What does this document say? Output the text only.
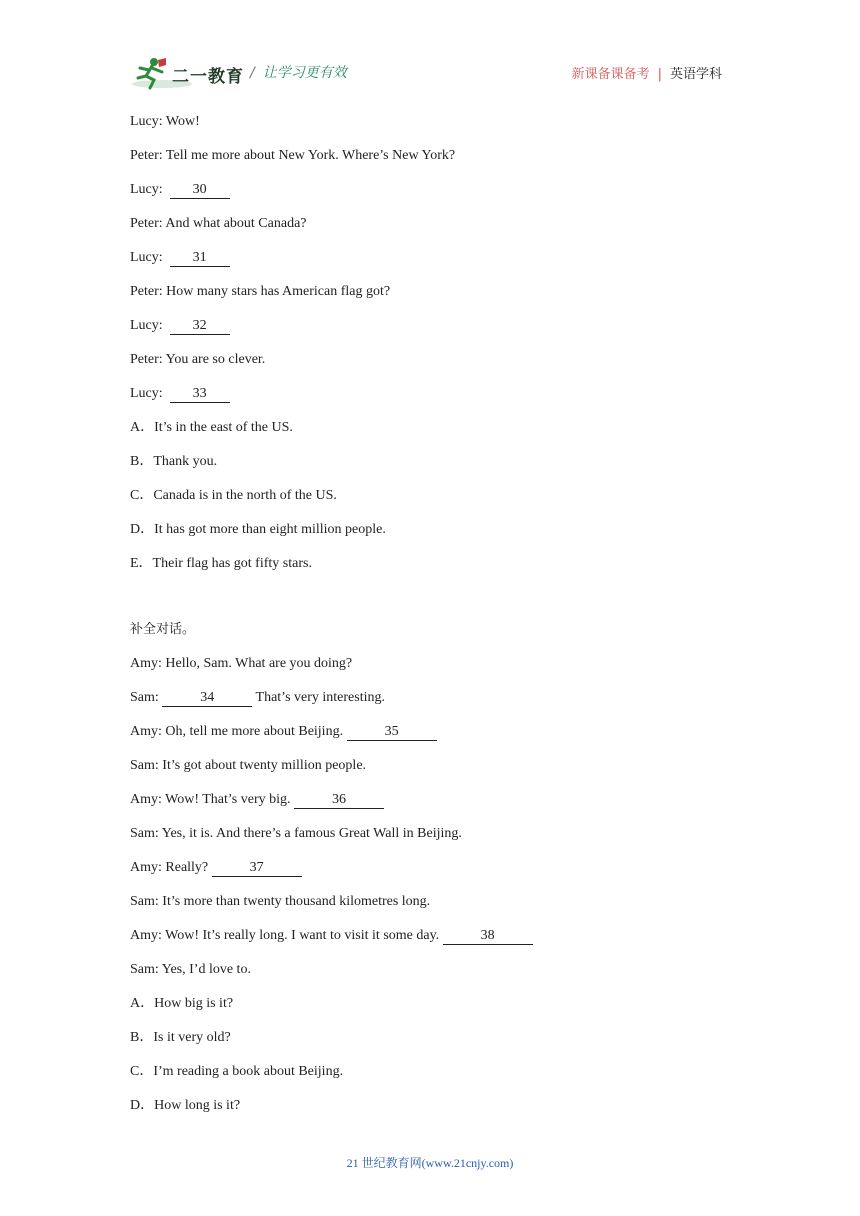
二一教育 / 让学习更有效	新课备课备考 | 英语学科
Lucy: Wow!
Peter: Tell me more about New York. Where’s New York?
Lucy:  30
Peter: And what about Canada?
Lucy:  31
Peter: How many stars has American flag got?
Lucy:  32
Peter: You are so clever.
Lucy:  33
A．It’s in the east of the US.
B．Thank you.
C．Canada is in the north of the US.
D．It has got more than eight million people.
E．Their flag has got fifty stars.
补全对话。
Amy: Hello, Sam. What are you doing?
Sam:	34	That’s very interesting.
Amy: Oh, tell me more about Beijing.	35
Sam: It’s got about twenty million people.
Amy: Wow! That’s very big.	36
Sam: Yes, it is. And there’s a famous Great Wall in Beijing.
Amy: Really?	37
Sam: It’s more than twenty thousand kilometres long.
Amy: Wow! It’s really long. I want to visit it some day.	38
Sam: Yes, I’d love to.
A．How big is it?
B．Is it very old?
C．I’m reading a book about Beijing.
D．How long is it?
21 世纪教育网(www.21cnjy.com)
